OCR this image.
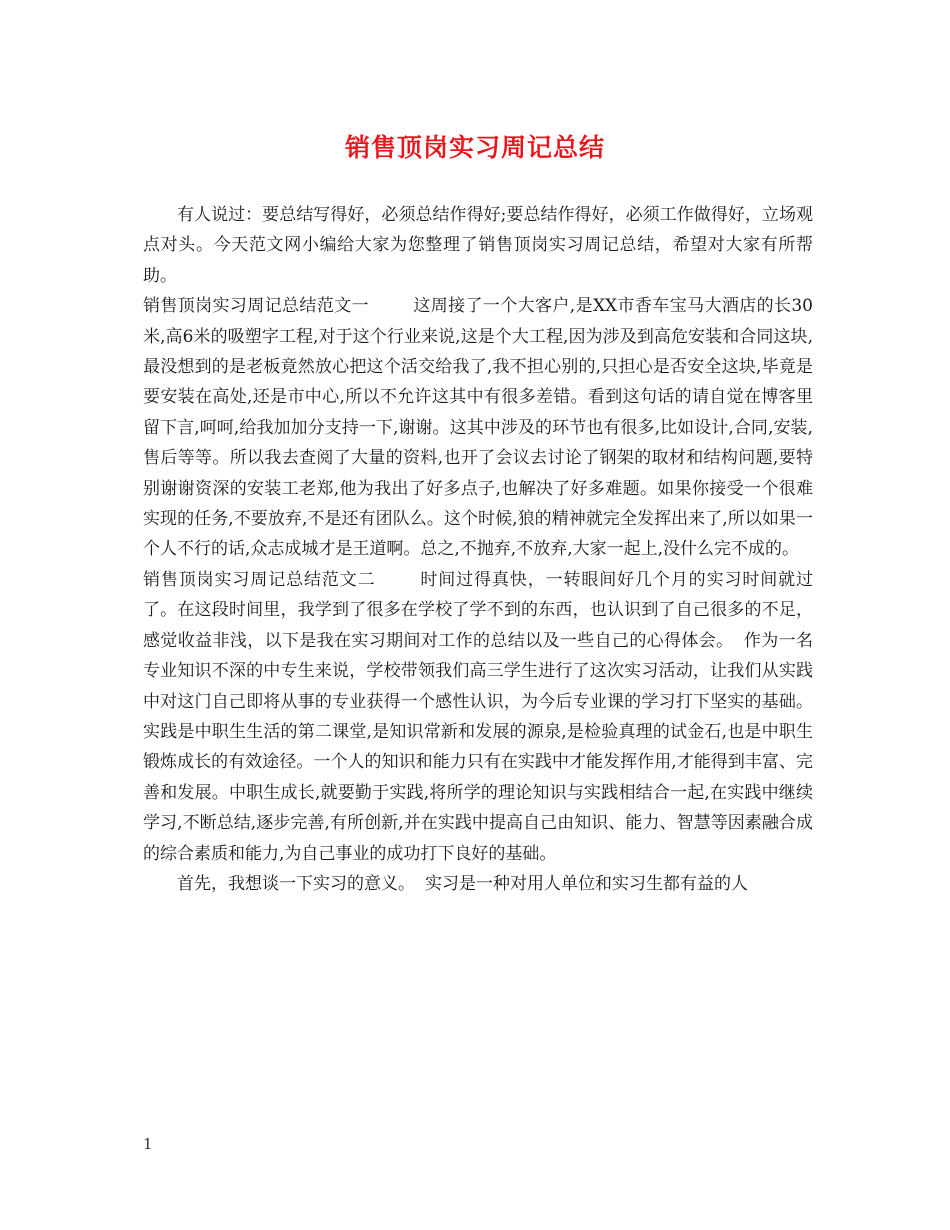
销售顶岗实习周记总结

有人说过：要总结写得好，必须总结作得好;要总结作得好，必须工作做得好，立场观点对头。今天范文网小编给大家为您整理了销售顶岗实习周记总结，希望对大家有所帮助。

销售顶岗实习周记总结范文一	这周接了一个大客户,是XX市香车宝马大酒店的长30米,高6米的吸塑字工程,对于这个行业来说,这是个大工程,因为涉及到高危安装和合同这块,最没想到的是老板竟然放心把这个活交给我了,我不担心别的,只担心是否安全这块,毕竟是要安装在高处,还是市中心,所以不允许这其中有很多差错。看到这句话的请自觉在博客里留下言,呵呵,给我加加分支持一下,谢谢。这其中涉及的环节也有很多,比如设计,合同,安装,售后等等。所以我去查阅了大量的资料,也开了会议去讨论了钢架的取材和结构问题,要特别谢谢资深的安装工老郑,他为我出了好多点子,也解决了好多难题。如果你接受一个很难实现的任务,不要放弃,不是还有团队么。这个时候,狼的精神就完全发挥出来了,所以如果一个人不行的话,众志成城才是王道啊。总之,不抛弃,不放弃,大家一起上,没什么完不成的。

销售顶岗实习周记总结范文二	时间过得真快，一转眼间好几个月的实习时间就过了。在这段时间里，我学到了很多在学校了学不到的东西，也认识到了自己很多的不足，感觉收益非浅，以下是我在实习期间对工作的总结以及一些自己的心得体会。 作为一名专业知识不深的中专生来说，学校带领我们高三学生进行了这次实习活动，让我们从实践中对这门自己即将从事的专业获得一个感性认识，为今后专业课的学习打下坚实的基础。实践是中职生生活的第二课堂,是知识常新和发展的源泉,是检验真理的试金石,也是中职生锻炼成长的有效途径。一个人的知识和能力只有在实践中才能发挥作用,才能得到丰富、完善和发展。中职生成长,就要勤于实践,将所学的理论知识与实践相结合一起,在实践中继续学习,不断总结,逐步完善,有所创新,并在实践中提高自己由知识、能力、智慧等因素融合成的综合素质和能力,为自己事业的成功打下良好的基础。

首先，我想谈一下实习的意义。 实习是一种对用人单位和实习生都有益的人

1
